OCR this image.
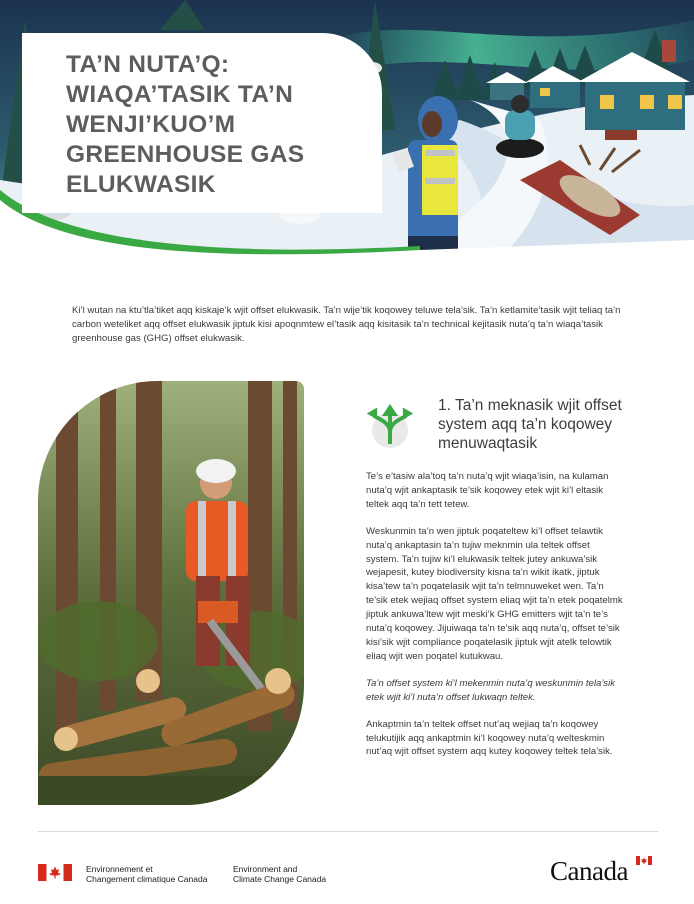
TA’N NUTA’Q:
WIAQA’TASIK TA’N
WENJI’KUO’M
GREENHOUSE GAS
ELUKWASIK

Ki’l wutan na ktu’tla’tiket aqq kiskaje’k wjit offset elukwasik. Ta’n wije’tik koqowey teluwe tela’sik. Ta’n ketlamite’tasik wjit teliaq ta’n carbon weteliket aqq offset elukwasik jiptuk kisi apoqnmtew el’tasik aqq kisitasik ta’n technical kejitasik nuta’q ta’n wiaqa’tasik greenhouse gas (GHG) offset elukwasik.

1. Ta’n meknasik wjit offset system aqq ta’n koqowey menuwaqtasik

Te’s e’tasiw ala’toq ta’n nuta’q wjit wiaqa’isin, na kulaman nuta’q wjit ankaptasik te’sik koqowey etek wjit ki’l eltasik teltek aqq ta’n tett tetew.

Weskunmin ta’n wen jiptuk poqateltew ki’l offset telawtik nuta’q ankaptasin ta’n tujiw meknmin ula teltek offset system. Ta’n tujiw ki’l elukwasik teltek jutey ankuwa’sik wejapesit, kutey biodiversity kisna ta’n wikit ikatk, jiptuk kisa’tew ta’n poqatelasik wjit ta’n telmnuweket wen. Ta’n te’sik etek wejiaq offset system eliaq wjit ta’n etek poqatelmk jiptuk ankuwa’ltew wjit meski’k GHG emitters wjit ta’n te’s nuta’q koqowey. Jijuiwaqa ta’n te’sik aqq nuta’q, offset te’sik kisi’sik wjit compliance poqatelasik jiptuk wjit atelk telowtik eliaq wjit wen poqatel kutukwau.

Ta’n offset system ki’l mekenmin nuta’q weskunmin tela’sik etek wjit ki’l nuta’n offset lukwaqn teltek.

Ankaptmin ta’n teltek offset nut’aq wejiaq ta’n koqowey telukutijik aqq ankaptmin ki’l koqowey nuta’q welteskmin nut’aq wjit offset system aqq kutey koqowey teltek tela’sik.

Environnement et
Changement climatique Canada
Environment and
Climate Change Canada	Canada
